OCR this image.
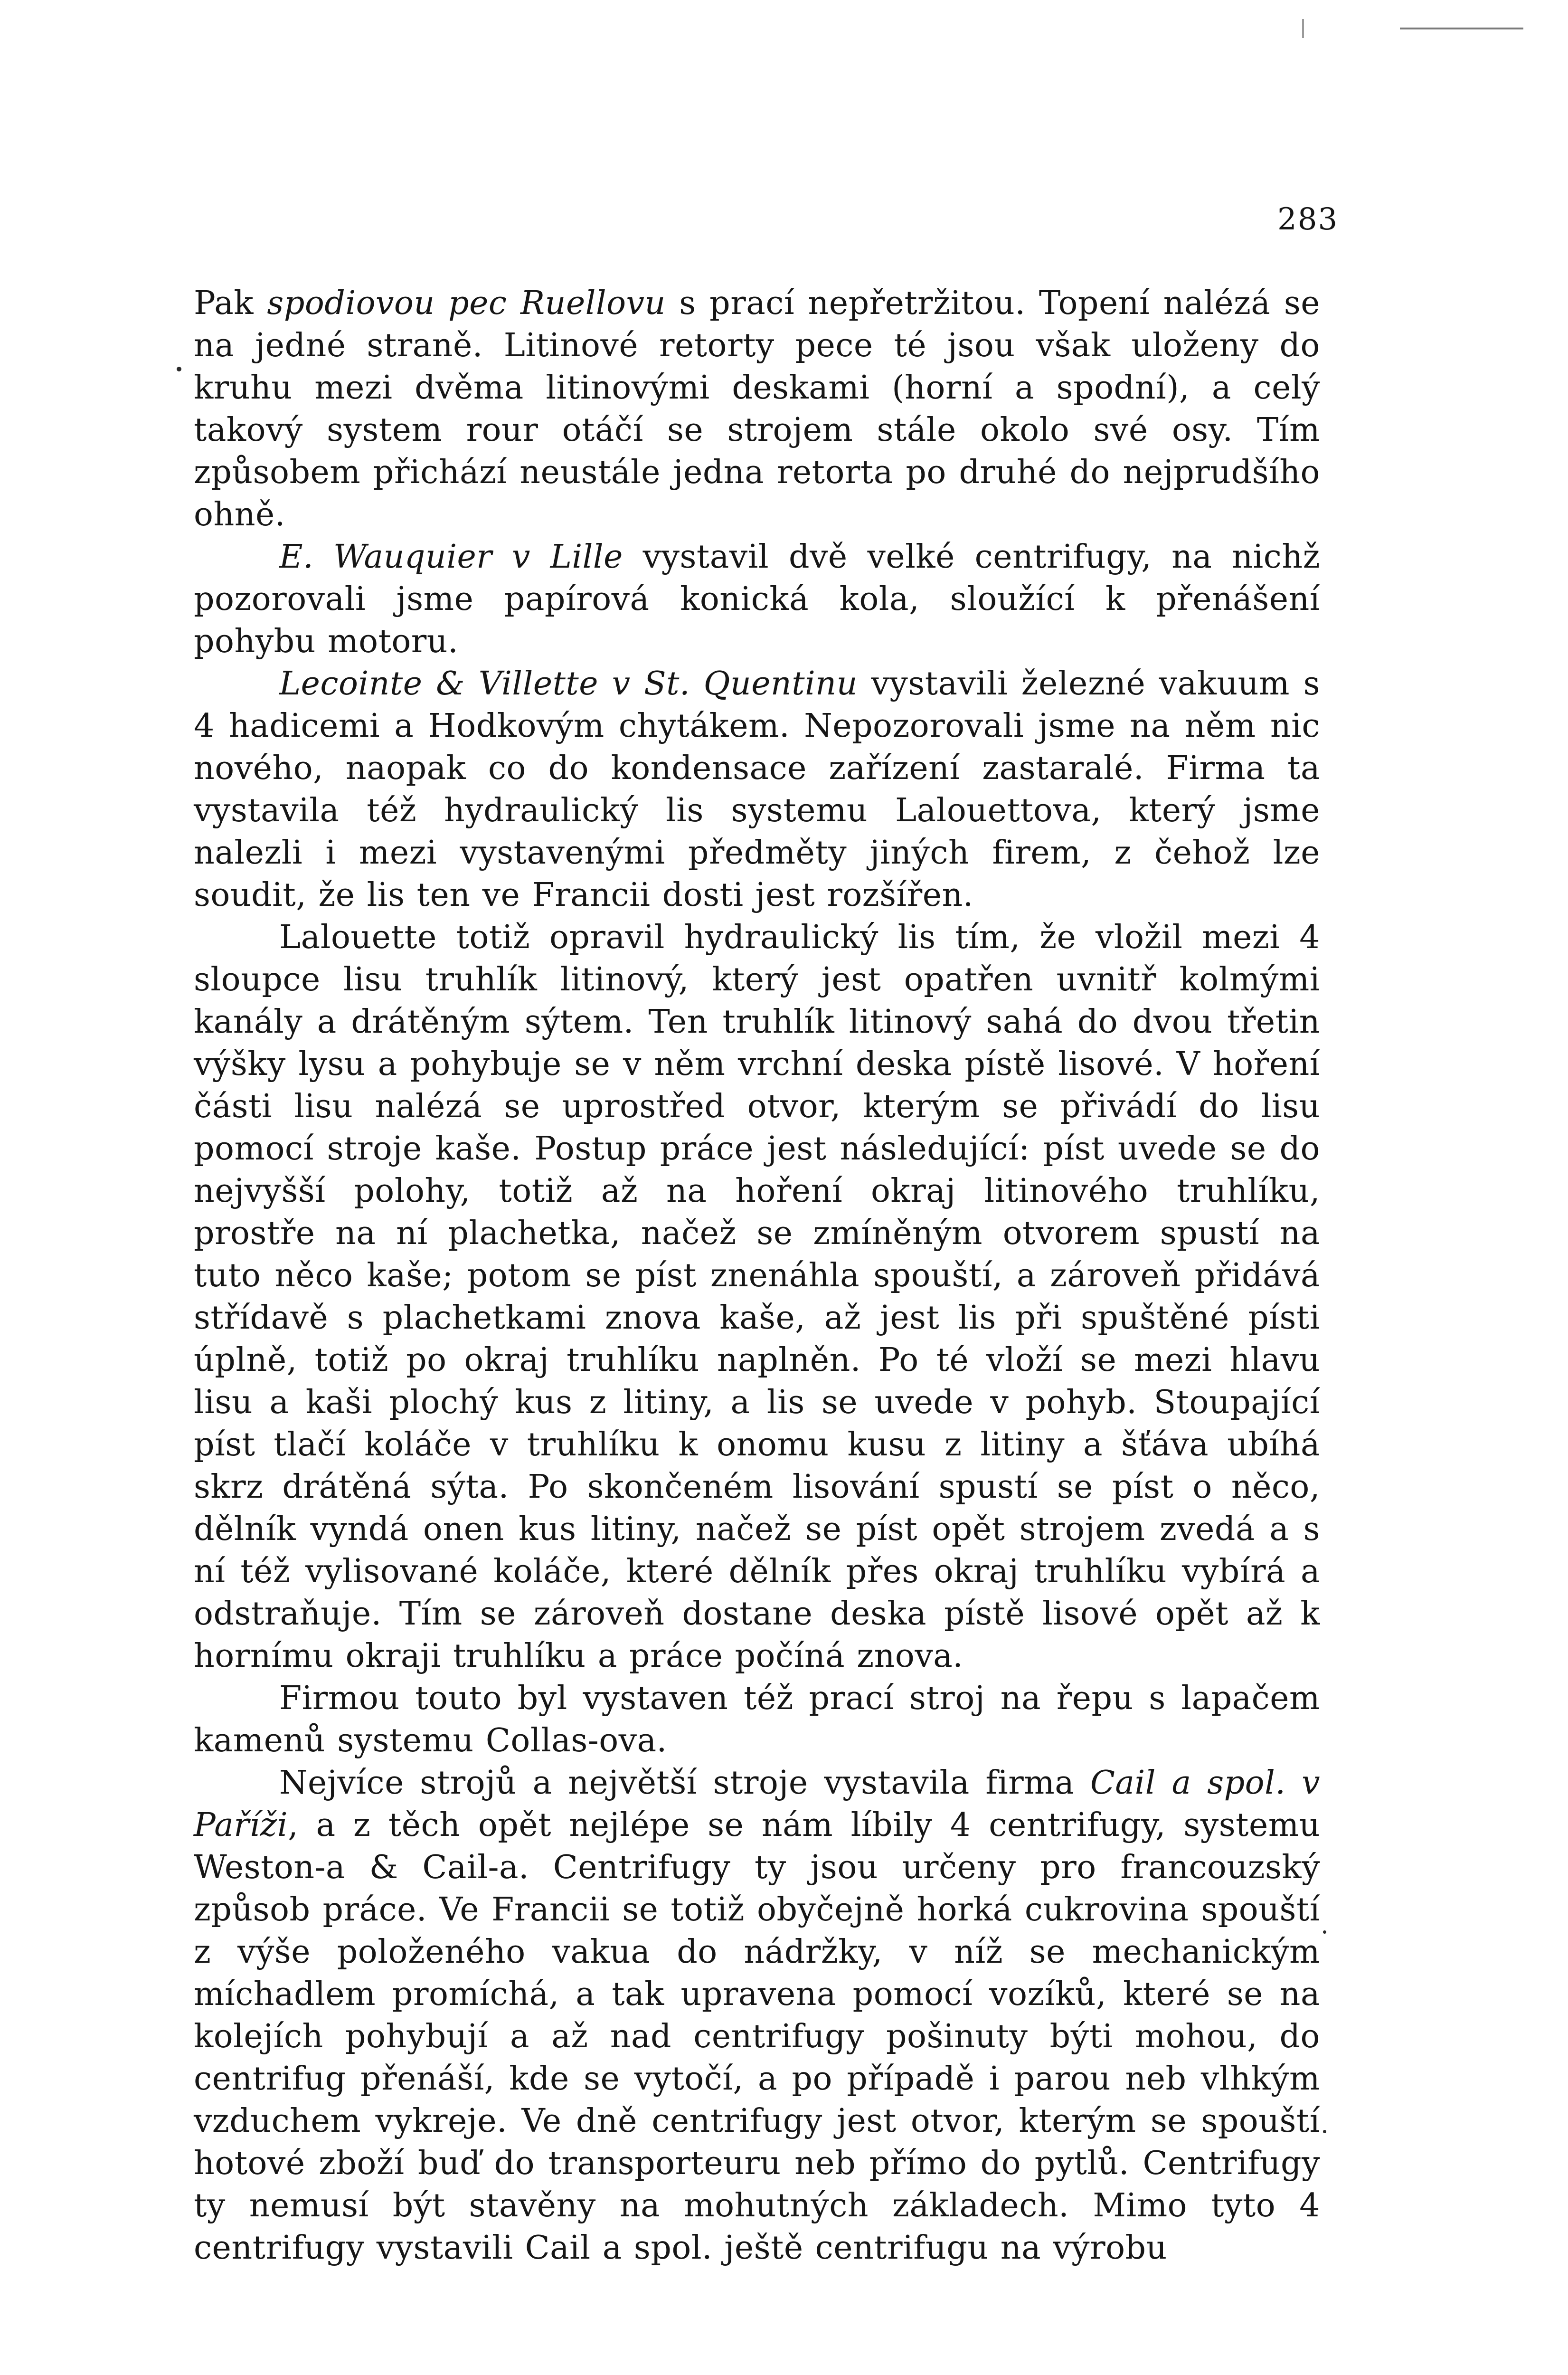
283

Pak spodiovou pec Ruellovu s prací nepřetržitou. Topení nalézá se na jedné straně. Litinové retorty pece té jsou však uloženy do kruhu mezi dvěma litinovými deskami (horní a spodní), a celý takový system rour otáčí se strojem stále okolo své osy. Tím způsobem přichází neustále jedna retorta po druhé do nejprudšího ohně.

E. Wauquier v Lille vystavil dvě velké centrifugy, na nichž pozorovali jsme papírová konická kola, sloužící k přenášení pohybu motoru.

Lecointe & Villette v St. Quentinu vystavili železné vakuum s 4 hadicemi a Hodkovým chytákem. Nepozorovali jsme na něm nic nového, naopak co do kondensace zařízení zastaralé. Firma ta vystavila též hydraulický lis systemu Lalouettova, který jsme nalezli i mezi vystavenými předměty jiných firem, z čehož lze soudit, že lis ten ve Francii dosti jest rozšířen.

Lalouette totiž opravil hydraulický lis tím, že vložil mezi 4 sloupce lisu truhlík litinový, který jest opatřen uvnitř kolmými kanály a drátěným sýtem. Ten truhlík litinový sahá do dvou třetin výšky lysu a pohybuje se v něm vrchní deska pístě lisové. V hoření části lisu nalézá se uprostřed otvor, kterým se přivádí do lisu pomocí stroje kaše. Postup práce jest následující: píst uvede se do nejvyšší polohy, totiž až na hoření okraj litinového truhlíku, prostře na ní plachetka, načež se zmíněným otvorem spustí na tuto něco kaše; potom se píst znenáhla spouští, a zároveň přidává střídavě s plachetkami znova kaše, až jest lis při spuštěné písti úplně, totiž po okraj truhlíku naplněn. Po té vloží se mezi hlavu lisu a kaši plochý kus z litiny, a lis se uvede v pohyb. Stoupající píst tlačí koláče v truhlíku k onomu kusu z litiny a šťáva ubíhá skrz drátěná sýta. Po skončeném lisování spustí se píst o něco, dělník vyndá onen kus litiny, načež se píst opět strojem zvedá a s ní též vylisované koláče, které dělník přes okraj truhlíku vybírá a odstraňuje. Tím se zároveň dostane deska pístě lisové opět až k hornímu okraji truhlíku a práce počíná znova.

Firmou touto byl vystaven též prací stroj na řepu s lapačem kamenů systemu Collas-ova.

Nejvíce strojů a největší stroje vystavila firma Cail a spol. v Paříži, a z těch opět nejlépe se nám líbily 4 centrifugy, systemu Weston-a & Cail-a. Centrifugy ty jsou určeny pro francouzský způsob práce. Ve Francii se totiž obyčejně horká cukrovina spouští z výše položeného vakua do nádržky, v níž se mechanickým míchadlem promíchá, a tak upravena pomocí vozíků, které se na kolejích pohybují a až nad centrifugy pošinuty býti mohou, do centrifug přenáší, kde se vytočí, a po případě i parou neb vlhkým vzduchem vykreje. Ve dně centrifugy jest otvor, kterým se spouští hotové zboží buď do transporteuru neb přímo do pytlů. Centrifugy ty nemusí být stavěny na mohutných základech. Mimo tyto 4 centrifugy vystavili Cail a spol. ještě centrifugu na výrobu
